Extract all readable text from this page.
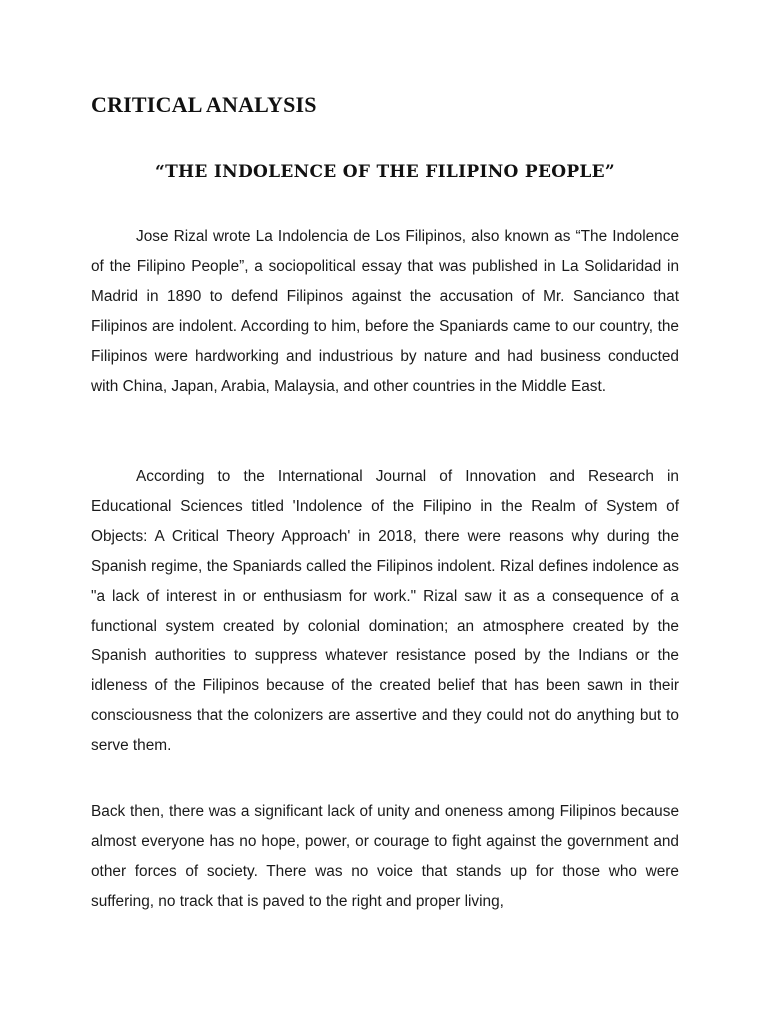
CRITICAL ANALYSIS
“THE INDOLENCE OF THE FILIPINO PEOPLE”

Jose Rizal wrote La Indolencia de Los Filipinos, also known as “The Indolence of the Filipino People”, a sociopolitical essay that was published in La Solidaridad in Madrid in 1890 to defend Filipinos against the accusation of Mr. Sancianco that Filipinos are indolent. According to him, before the Spaniards came to our country, the Filipinos were hardworking and industrious by nature and had business conducted with China, Japan, Arabia, Malaysia, and other countries in the Middle East.

According to the International Journal of Innovation and Research in Educational Sciences titled 'Indolence of the Filipino in the Realm of System of Objects: A Critical Theory Approach' in 2018, there were reasons why during the Spanish regime, the Spaniards called the Filipinos indolent. Rizal defines indolence as "a lack of interest in or enthusiasm for work." Rizal saw it as a consequence of a functional system created by colonial domination; an atmosphere created by the Spanish authorities to suppress whatever resistance posed by the Indians or the idleness of the Filipinos because of the created belief that has been sawn in their consciousness that the colonizers are assertive and they could not do anything but to serve them.

Back then, there was a significant lack of unity and oneness among Filipinos because almost everyone has no hope, power, or courage to fight against the government and other forces of society. There was no voice that stands up for those who were suffering, no track that is paved to the right and proper living,
